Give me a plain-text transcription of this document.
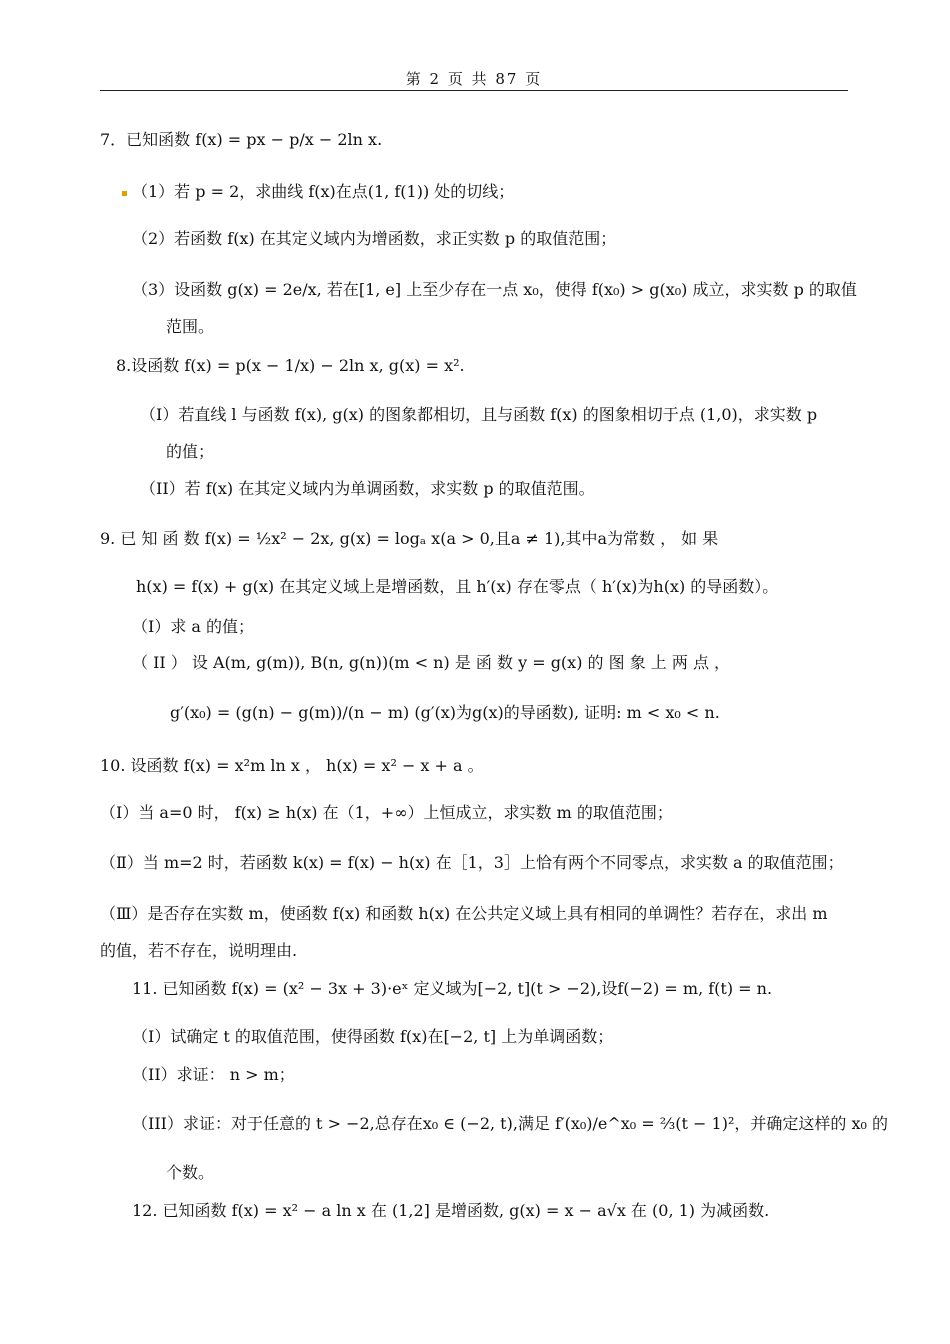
第 2 页 共 87 页
7．已知函数 f(x) = px − p/x − 2ln x.
（1）若 p = 2，求曲线 f(x)在点(1, f(1)) 处的切线；
（2）若函数 f(x) 在其定义域内为增函数，求正实数 p 的取值范围；
（3）设函数 g(x) = 2e/x, 若在[1, e] 上至少存在一点 x₀，使得 f(x₀) > g(x₀) 成立，求实数 p 的取值
范围。
8.设函数 f(x) = p(x − 1/x) − 2ln x, g(x) = x².
（I）若直线 l 与函数 f(x), g(x) 的图象都相切，且与函数 f(x) 的图象相切于点 (1,0)，求实数 p
的值；
（II）若 f(x) 在其定义域内为单调函数，求实数 p 的取值范围。
9. 已 知 函 数 f(x) = ½x² − 2x, g(x) = logₐ x(a > 0,且a ≠ 1),其中a为常数 ， 如 果
h(x) = f(x) + g(x) 在其定义域上是增函数，且 h′(x) 存在零点（ h′(x)为h(x) 的导函数）。
（I）求 a 的值；
（ II ） 设 A(m, g(m)), B(n, g(n))(m < n) 是 函 数 y = g(x) 的 图 象 上 两 点 ，
g′(x₀) = (g(n) − g(m))/(n − m) (g′(x)为g(x)的导函数), 证明: m < x₀ < n.
10. 设函数 f(x) = x²m ln x ， h(x) = x² − x + a 。
（Ⅰ）当 a=0 时， f(x) ≥ h(x) 在（1，+∞）上恒成立，求实数 m 的取值范围；
（Ⅱ）当 m=2 时，若函数 k(x) = f(x) − h(x) 在［1，3］上恰有两个不同零点，求实数 a 的取值范围；
（Ⅲ）是否存在实数 m，使函数 f(x) 和函数 h(x) 在公共定义域上具有相同的单调性？若存在，求出 m
的值，若不存在，说明理由.
11. 已知函数 f(x) = (x² − 3x + 3)·eˣ 定义域为[−2, t](t > −2),设f(−2) = m, f(t) = n.
（I）试确定 t 的取值范围，使得函数 f(x)在[−2, t] 上为单调函数；
（II）求证： n > m；
（III）求证：对于任意的 t > −2,总存在x₀ ∈ (−2, t),满足 f′(x₀)/e^x₀ = ⅔(t − 1)²，并确定这样的 x₀ 的
个数。
12. 已知函数 f(x) = x² − a ln x 在 (1,2] 是增函数, g(x) = x − a√x 在 (0, 1) 为减函数.
